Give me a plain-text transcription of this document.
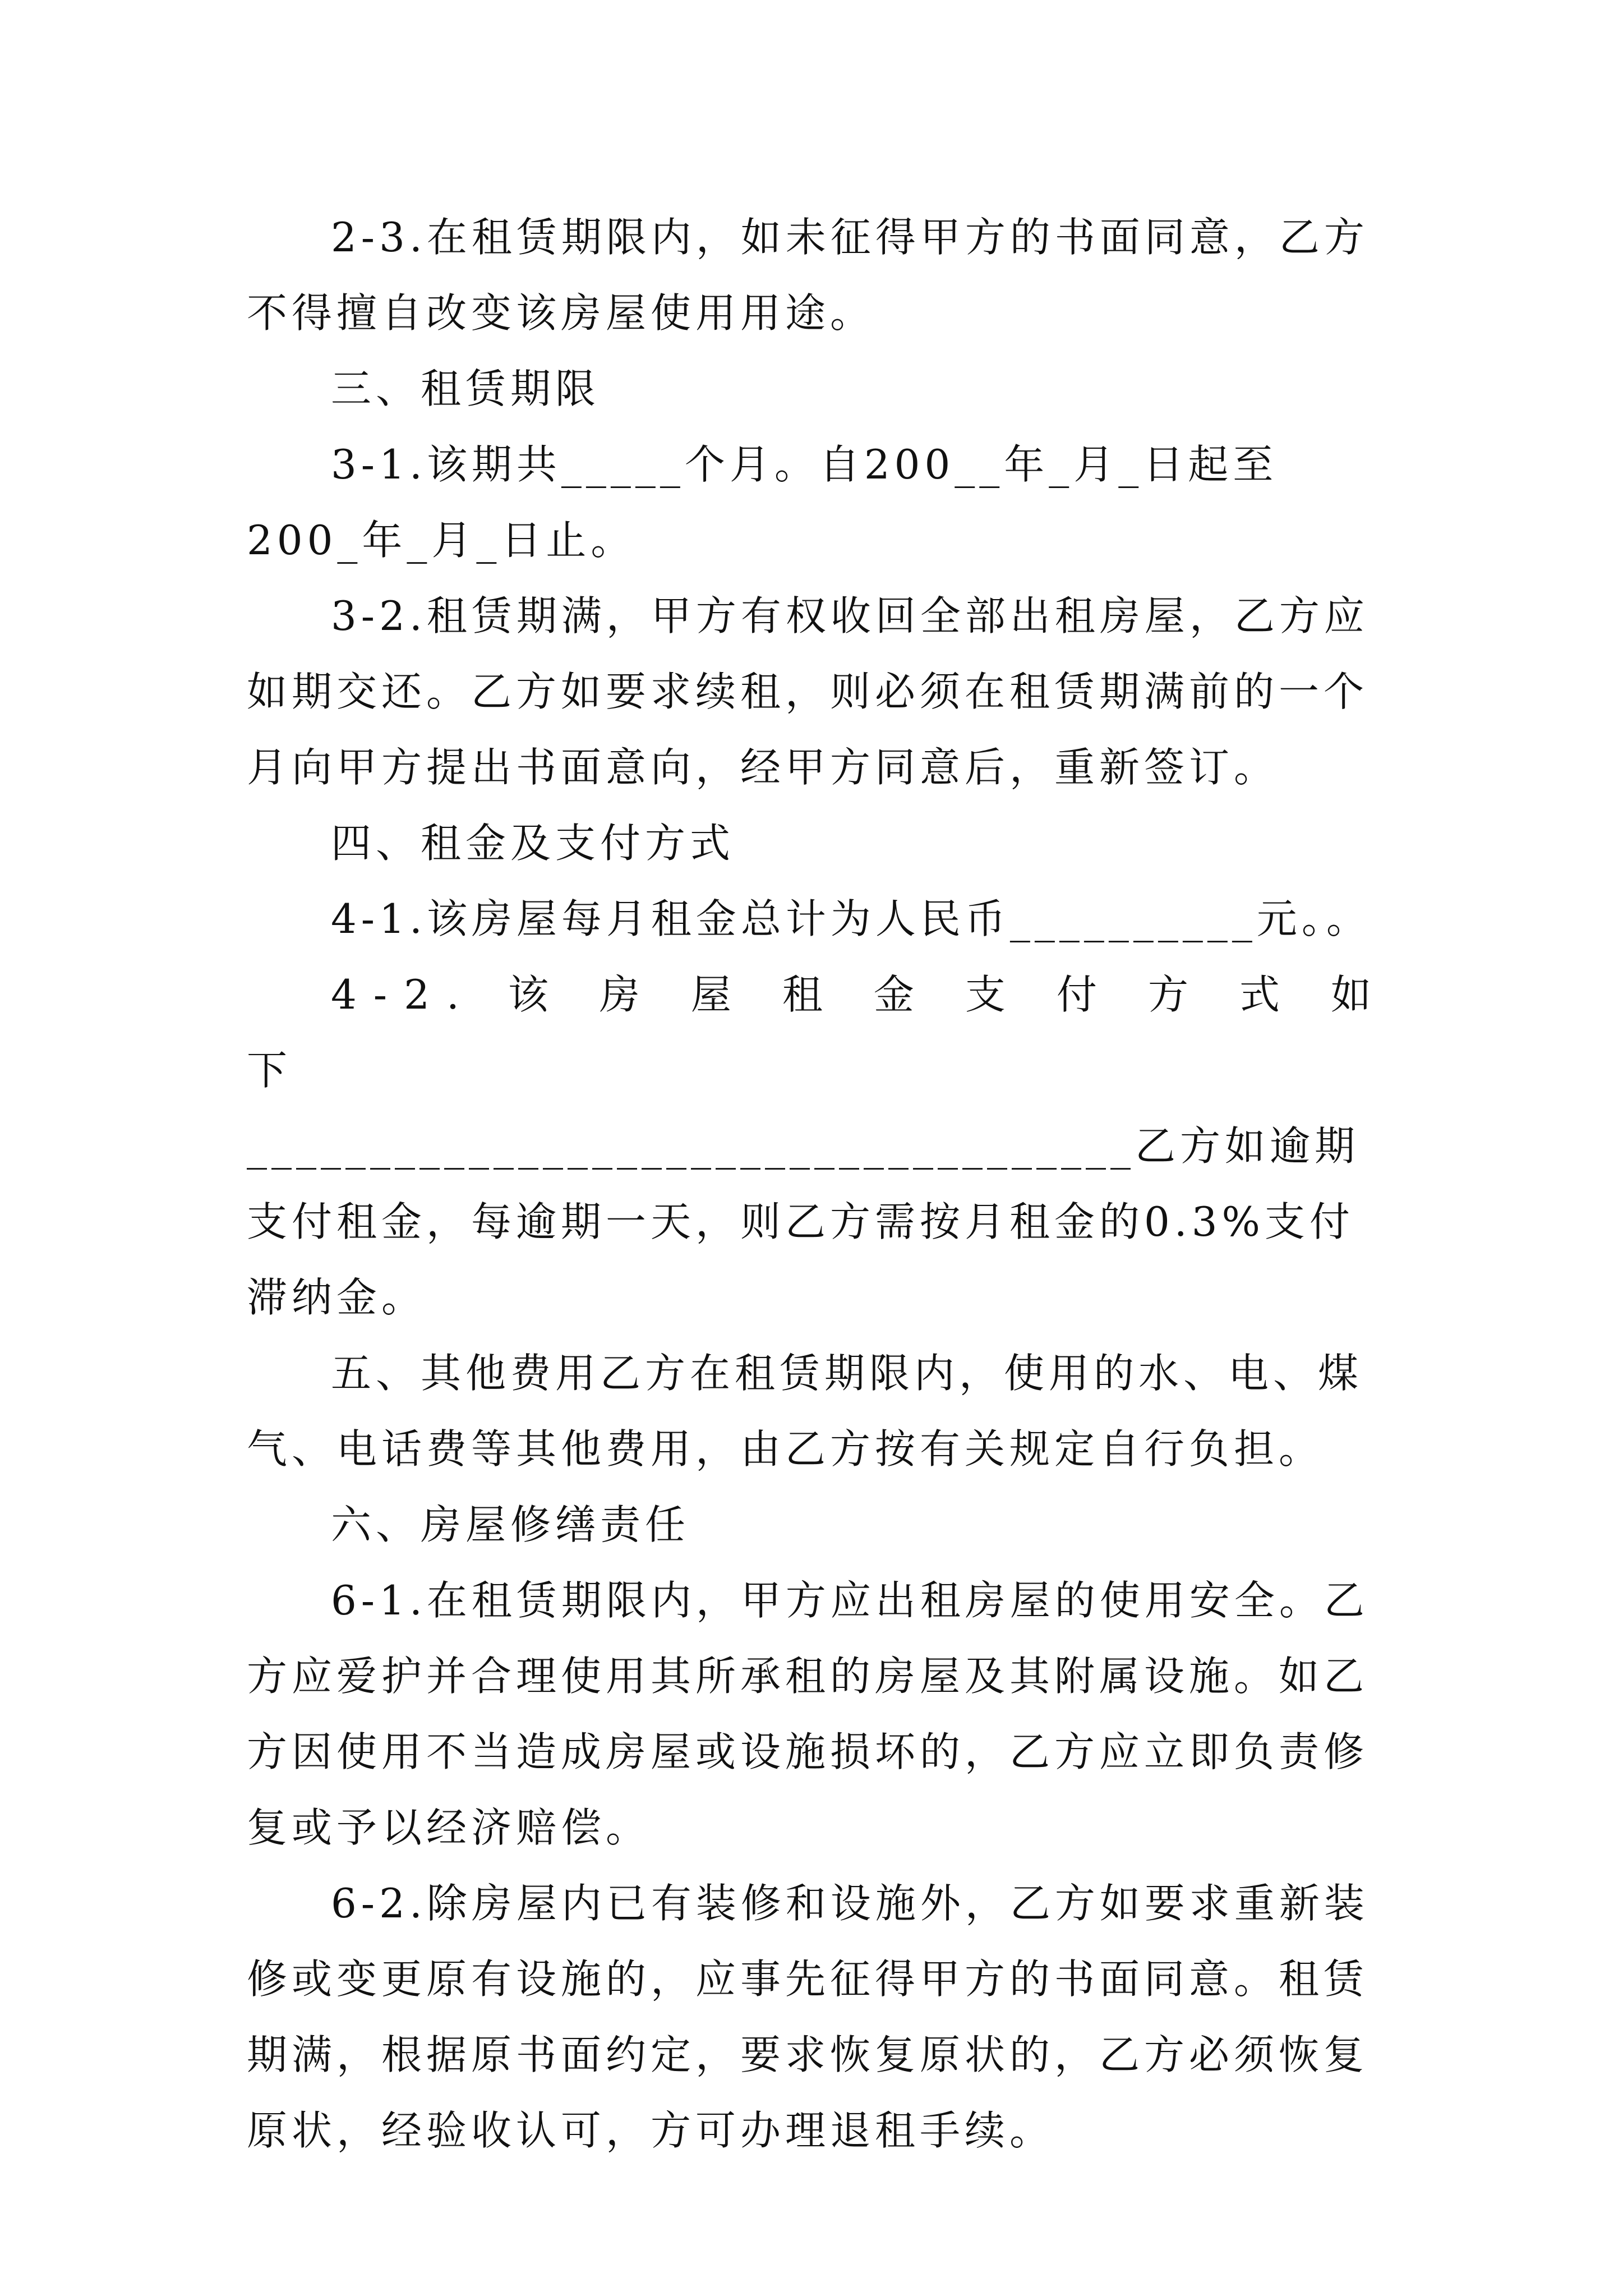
2-3.在租赁期限内，如未征得甲方的书面同意，乙方不得擅自改变该房屋使用用途。

三、租赁期限

3-1.该期共_____个月。自200__年_月_日起至200_年_月_日止。

3-2.租赁期满，甲方有权收回全部出租房屋，乙方应如期交还。乙方如要求续租，则必须在租赁期满前的一个月向甲方提出书面意向，经甲方同意后，重新签订。

四、租金及支付方式

4-1.该房屋每月租金总计为人民币__________元。。

4-2. 该 房 屋 租 金 支 付 方 式 如 下

____________________________________乙方如逾期支付租金，每逾期一天，则乙方需按月租金的0.3%支付滞纳金。

五、其他费用乙方在租赁期限内，使用的水、电、煤气、电话费等其他费用，由乙方按有关规定自行负担。

六、房屋修缮责任

6-1.在租赁期限内，甲方应出租房屋的使用安全。乙方应爱护并合理使用其所承租的房屋及其附属设施。如乙方因使用不当造成房屋或设施损坏的，乙方应立即负责修复或予以经济赔偿。

6-2.除房屋内已有装修和设施外，乙方如要求重新装修或变更原有设施的，应事先征得甲方的书面同意。租赁期满，根据原书面约定，要求恢复原状的，乙方必须恢复原状，经验收认可，方可办理退租手续。
